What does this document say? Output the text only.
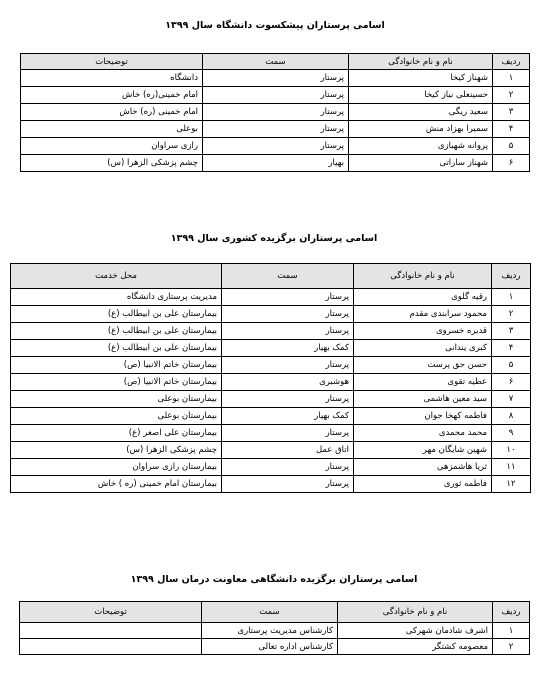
اسامی پرستاران پیشکسوت دانشگاه سال ۱۳۹۹
ردیف	نام و نام خانوادگی	سمت	توضیحات
۱	شهناز کیخا	پرستار	دانشگاه
۲	حسینعلی نیاز کیخا	پرستار	امام خمینی(ره) خاش
۳	سعید ریگی	پرستار	امام خمینی (ره) خاش
۴	سمیرا بهزاد منش	پرستار	بوعلی
۵	پروانه شهبازی	پرستار	رازی سراوان
۶	شهناز ساراتی	بهیار	چشم پزشکی الزهرا (س)
اسامی پرستاران برگزیده کشوری سال ۱۳۹۹
ردیف	نام و نام خانوادگی	سمت	محل خدمت
۱	رقیه گلوی	پرستار	مدیریت پرستاری دانشگاه
۲	محمود سرابندی مقدم	پرستار	بیمارستان علی بن ابیطالب (ع)
۳	قدیره خسروی	پرستار	بیمارستان علی بن ابیطالب (ع)
۴	کبری یندانی	کمک بهیار	بیمارستان علی بن ابیطالب (ع)
۵	حسن حق پرست	پرستار	بیمارستان خاتم الانبیا (ص)
۶	عطیه تقوی	هوشبری	بیمارستان خاتم الانبیا (ص)
۷	سید معین هاشمی	پرستار	بیمارستان بوعلی
۸	فاطمه کهخا جوان	کمک بهیار	بیمارستان بوعلی
۹	محمد محمدی	پرستار	بیمارستان علی اصغر (ع)
۱۰	شهین شایگان مهر	اتاق عمل	چشم پزشکی الزهرا (س)
۱۱	ثریا هاشمزهی	پرستار	بیمارستان رازی سراوان
۱۲	فاطمه ثوری	پرستار	بیمارستان امام خمینی (ره ) خاش
اسامی پرستاران برگزیده دانشگاهی معاونت درمان سال ۱۳۹۹
ردیف	نام و نام خانوادگی	سمت	توضیحات
۱	اشرف شادمان شهرکی	کارشناس مدیریت پرستاری	
۲	معصومه کشتگر	کارشناس اداره تعالی	
